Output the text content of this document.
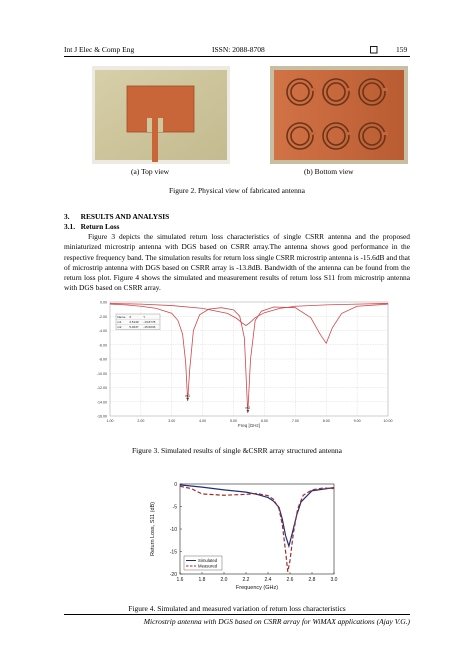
Int J Elec & Comp Eng	ISSN: 2088-8708	159
(a) Top view	(b) Bottom view
Figure 2. Physical view of fabricated antenna
3.      RESULTS AND ANALYSIS
3.1.   Return Loss
Figure 3 depicts the simulated return loss characteristics of single CSRR antenna and the proposed miniaturized microstrip antenna with DGS based on CSRR array.The antenna shows good performance in the respective frequency band. The simulation results for return loss single CSRR microstrip antenna is -15.6dB and that of microstrip antenna with DGS based on CSRR array is -13.8dB. Bandwidth of the antenna can be found from the return loss plot. Figure 4 shows the simulated and measurement results of return loss S11 from microstrip antenna with DGS based on CSRR array.
0.00
-2.00
-4.00
-6.00
-8.00
-10.00
-12.00
-14.00
-16.00
1.00	2.00	3.00	4.00	5.00	6.00	7.00	8.00	9.00	10.00
m1
m2
Name X	Y
m1 3.5140 -13.8778
m2 5.4637 -15.6033
Freq [GHz]
Figure 3. Simulated results of single &CSRR array structured antenna
0
-5
-10
-15
-20
1.6	1.8	2.0	2.2	2.4	2.6	2.8	3.0
Simulated
Measured
Frequency (GHz)
Return Loss, S11 (dB)
Figure 4. Simulated and measured variation of return loss characteristics
Microstrip antenna with DGS based on CSRR array for WiMAX applications (Ajay V.G.)
